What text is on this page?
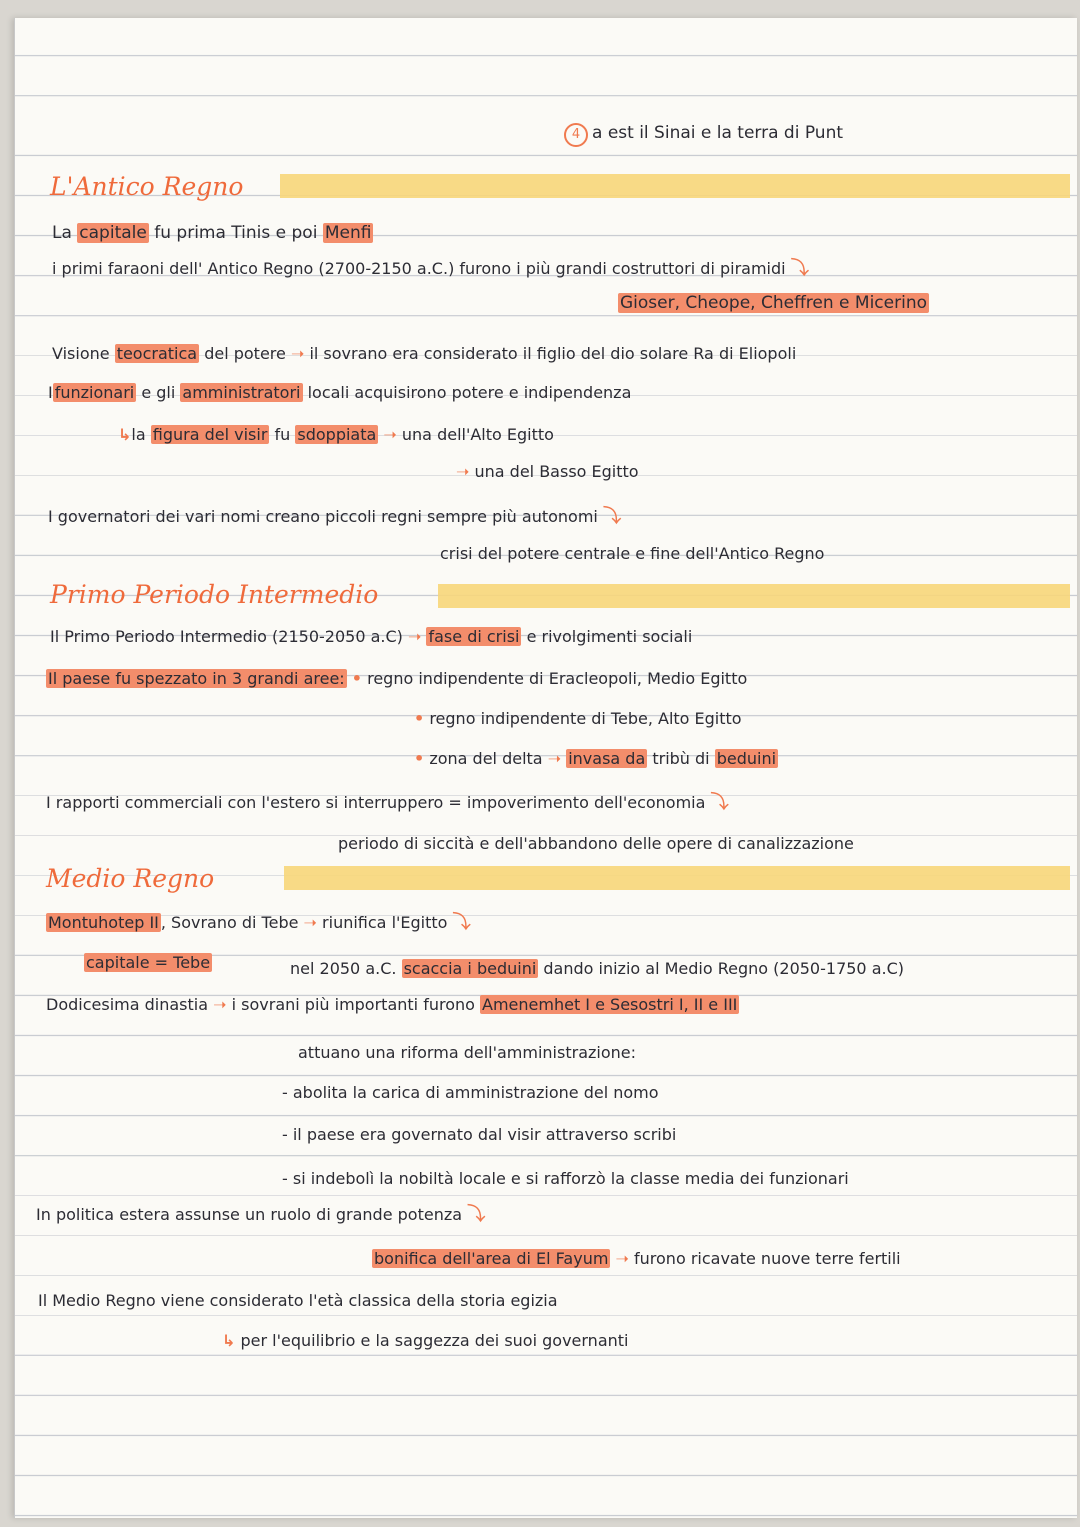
4 a est il Sinai e la terra di Punt
L'Antico Regno
La capitale fu prima Tinis e poi Menfi
i primi faraoni dell' Antico Regno (2700-2150 a.C.) furono i più grandi costruttori di piramidi ⤵
Gioser, Cheope, Cheffren e Micerino
Visione teocratica del potere ➝ il sovrano era considerato il figlio del dio solare Ra di Eliopoli
I funzionari e gli amministratori locali acquisirono potere e indipendenza
↳la figura del visir fu sdoppiata ➝ una dell'Alto Egitto
➝ una del Basso Egitto
I governatori dei vari nomi creano piccoli regni sempre più autonomi ⤵
crisi del potere centrale e fine dell'Antico Regno
Primo Periodo Intermedio
Il Primo Periodo Intermedio (2150-2050 a.C) ➝ fase di crisi e rivolgimenti sociali
Il paese fu spezzato in 3 grandi aree: • regno indipendente di Eracleopoli, Medio Egitto
• regno indipendente di Tebe, Alto Egitto
• zona del delta ➝ invasa da tribù di beduini
I rapporti commerciali con l'estero si interruppero = impoverimento dell'economia ⤵
periodo di siccità e dell'abbandono delle opere di canalizzazione
Medio Regno
Montuhotep II , Sovrano di Tebe ➝ riunifica l'Egitto ⤵
capitale = Tebe	nel 2050 a.C. scaccia i beduini dando inizio al Medio Regno (2050-1750 a.C)
Dodicesima dinastia ➝ i sovrani più importanti furono Amenemhet I e Sesostri I, II e III
attuano una riforma dell'amministrazione:
- abolita la carica di amministrazione del nomo
- il paese era governato dal visir attraverso scribi
- si indebolì la nobiltà locale e si rafforzò la classe media dei funzionari
In politica estera assunse un ruolo di grande potenza ⤵
bonifica dell'area di El Fayum ➝ furono ricavate nuove terre fertili
Il Medio Regno viene considerato l'età classica della storia egizia
↳ per l'equilibrio e la saggezza dei suoi governanti
